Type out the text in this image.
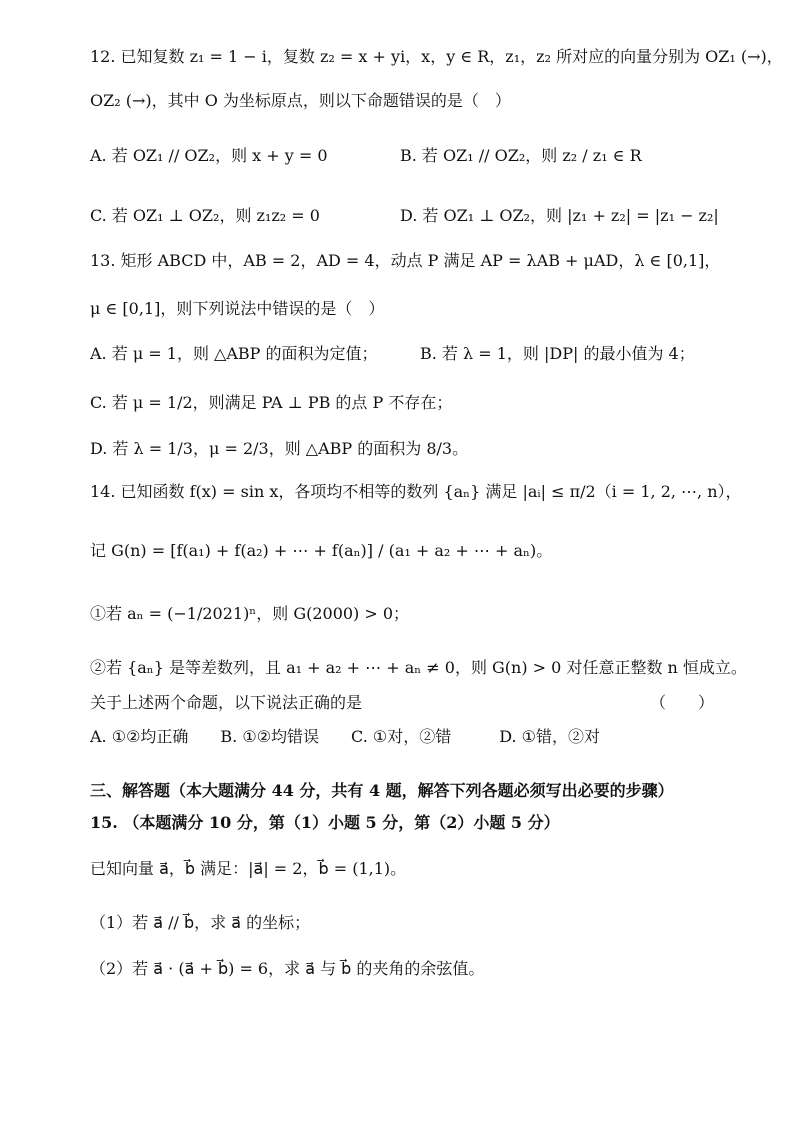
12. 已知复数 z₁ = 1 − i，复数 z₂ = x + yi，x，y ∈ R，z₁，z₂ 所对应的向量分别为 OZ₁ (→)，
OZ₂ (→)，其中 O 为坐标原点，则以下命题错误的是（　）
A. 若 OZ₁ // OZ₂，则 x + y = 0	B. 若 OZ₁ // OZ₂，则 z₂ / z₁ ∈ R
C. 若 OZ₁ ⊥ OZ₂，则 z₁z₂ = 0	D. 若 OZ₁ ⊥ OZ₂，则 |z₁ + z₂| = |z₁ − z₂|
13. 矩形 ABCD 中，AB = 2，AD = 4，动点 P 满足 AP = λAB + μAD，λ ∈ [0,1]，
μ ∈ [0,1]，则下列说法中错误的是（　）
A. 若 μ = 1，则 △ABP 的面积为定值；	B. 若 λ = 1，则 |DP| 的最小值为 4；
C. 若 μ = 1/2，则满足 PA ⊥ PB 的点 P 不存在；
D. 若 λ = 1/3，μ = 2/3，则 △ABP 的面积为 8/3。
14. 已知函数 f(x) = sin x，各项均不相等的数列 {aₙ} 满足 |aᵢ| ≤ π/2（i = 1, 2, ⋯, n），
记 G(n) = [f(a₁) + f(a₂) + ⋯ + f(aₙ)] / (a₁ + a₂ + ⋯ + aₙ)。
①若 aₙ = (−1/2021)ⁿ，则 G(2000) > 0；
②若 {aₙ} 是等差数列，且 a₁ + a₂ + ⋯ + aₙ ≠ 0，则 G(n) > 0 对任意正整数 n 恒成立。
关于上述两个命题，以下说法正确的是	（　　）
A. ①②均正确　　B. ①②均错误　　C. ①对，②错　　　D. ①错，②对
三、解答题（本大题满分 44 分，共有 4 题，解答下列各题必须写出必要的步骤）
15. （本题满分 10 分，第（1）小题 5 分，第（2）小题 5 分）
已知向量 a⃗，b⃗ 满足：|a⃗| = 2，b⃗ = (1,1)。
（1）若 a⃗ // b⃗，求 a⃗ 的坐标；
（2）若 a⃗ · (a⃗ + b⃗) = 6，求 a⃗ 与 b⃗ 的夹角的余弦值。
